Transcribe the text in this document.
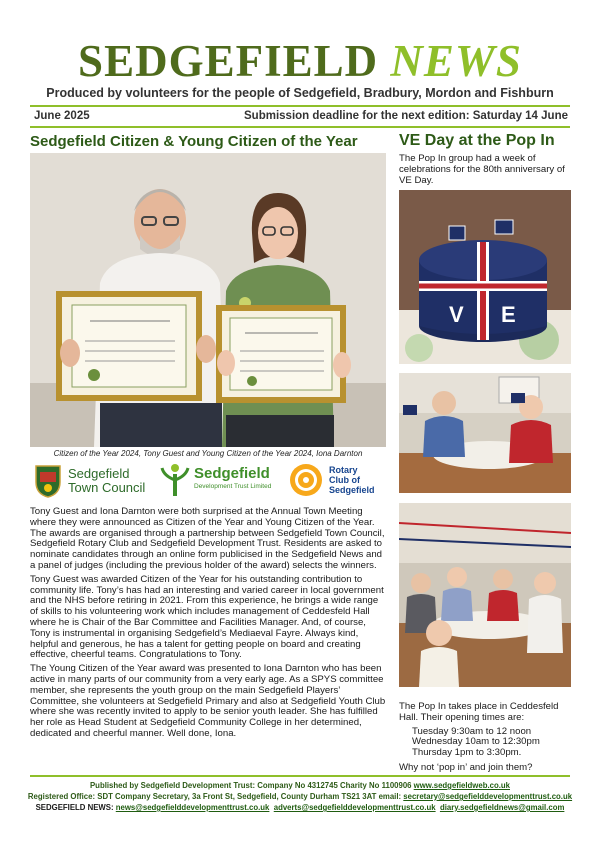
SEDGEFIELD NEWS
Produced by volunteers for the people of Sedgefield, Bradbury, Mordon and Fishburn
June 2025	Submission deadline for the next edition: Saturday 14 June
Sedgefield Citizen & Young Citizen of the Year
Citizen of the Year 2024, Tony Guest and Young Citizen of the Year 2024, Iona Darnton
Sedgefield
Town Council
Sedgefield
Development Trust Limited
Rotary
Club of
Sedgefield

Tony Guest and Iona Darnton were both surprised at the Annual Town Meeting where they were announced as Citizen of the Year and Young Citizen of the Year. The awards are organised through a partnership between Sedgefield Town Council, Sedgefield Rotary Club and Sedgefield Development Trust. Residents are asked to nominate candidates through an online form publicised in the Sedgefield News and a panel of judges (including the previous holder of the award) selects the winners.

Tony Guest was awarded Citizen of the Year for his outstanding contribution to community life. Tony’s has had an interesting and varied career in local government and the NHS before retiring in 2021. From this experience, he brings a wide range of skills to his volunteering work which includes management of Ceddesfeld Hall where he is Chair of the Bar Committee and Facilities Manager. And, of course, Tony is instrumental in organising Sedgefield’s Mediaeval Fayre. Always kind, helpful and generous, he has a talent for getting people on board and creating effective, cheerful teams. Congratulations to Tony.

The Young Citizen of the Year award was presented to Iona Darnton who has been active in many parts of our community from a very early age. As a SPYS committee member, she represents the youth group on the main Sedgefield Players’ Committee, she volunteers at Sedgefield Primary and also at Sedgefield Youth Club where she was recently invited to apply to be senior youth leader. She has fulfilled her role as Head Student at Sedgefield Community College in her determined, dedicated and cheerful manner. Well done, Iona.

VE Day at the Pop In
The Pop In group had a week of celebrations for the 80th anniversary of VE Day.
V E

The Pop In takes place in Ceddesfeld Hall. Their opening times are:

Tuesday 9:30am to 12 noon
Wednesday 10am to 12:30pm
Thursday 1pm to 3:30pm.

Why not ‘pop in’ and join them?

Published by Sedgefield Development Trust: Company No 4312745 Charity No 1100906 www.sedgefieldweb.co.uk
Registered Office: SDT Company Secretary, 3a Front St, Sedgefield, County Durham TS21 3AT email: secretary@sedgefielddevelopmenttrust.co.uk
SEDGEFIELD NEWS: news@sedgefielddevelopmenttrust.co.uk adverts@sedgefielddevelopmenttrust.co.uk diary.sedgefieldnews@gmail.com
